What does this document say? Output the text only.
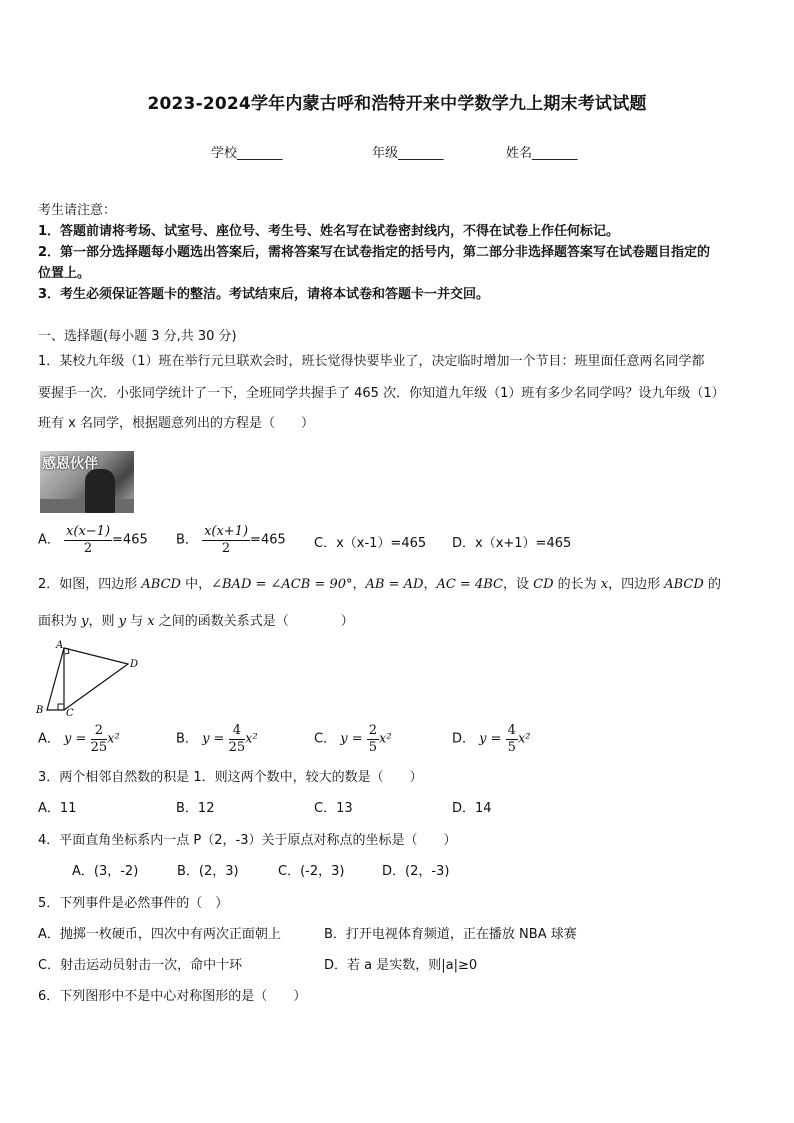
2023-2024学年内蒙古呼和浩特开来中学数学九上期末考试试题
学校_______	年级_______	姓名_______
考生请注意：
1．答题前请将考场、试室号、座位号、考生号、姓名写在试卷密封线内，不得在试卷上作任何标记。
2．第一部分选择题每小题选出答案后，需将答案写在试卷指定的括号内，第二部分非选择题答案写在试卷题目指定的
位置上。
3．考生必须保证答题卡的整洁。考试结束后，请将本试卷和答题卡一并交回。
一、选择题(每小题 3 分,共 30 分)
1．某校九年级（1）班在举行元旦联欢会时，班长觉得快要毕业了，决定临时增加一个节目：班里面任意两名同学都
要握手一次．小张同学统计了一下，全班同学共握手了 465 次．你知道九年级（1）班有多少名同学吗？设九年级（1）
班有 x 名同学，根据题意列出的方程是（　　）
感恩伙伴
A． $\frac{x(x-1)}{2} =465$ B． $\frac{x(x+1)}{2} =465$ C．x（x-1）=465 D．x（x+1）=465
2．如图，四边形 ABCD 中，∠BAD = ∠ACB = 90°，AB = AD，AC = 4BC，设 CD 的长为 x，四边形 ABCD 的
面积为 y，则 y 与 x 之间的函数关系式是（　　　　）
A
B C
D
A． $y = \frac{2}{25} x^2$	B． $y = \frac{4}{25} x^2$	C． $y = \frac{2}{5} x^2$	D． $y = \frac{4}{5} x^2$
3．两个相邻自然数的积是 1．则这两个数中，较大的数是（　　）
A．11	B．12	C．13	D．14
4．平面直角坐标系内一点 P（2，-3）关于原点对称点的坐标是（　　）
A．(3，-2)	B．(2，3)	C．(-2，3)	D．(2，-3)
5．下列事件是必然事件的（　）
A．抛掷一枚硬币，四次中有两次正面朝上	B．打开电视体育频道，正在播放 NBA 球赛
C．射击运动员射击一次，命中十环	D．若 a 是实数，则|a|≥0
6．下列图形中不是中心对称图形的是（　　）
